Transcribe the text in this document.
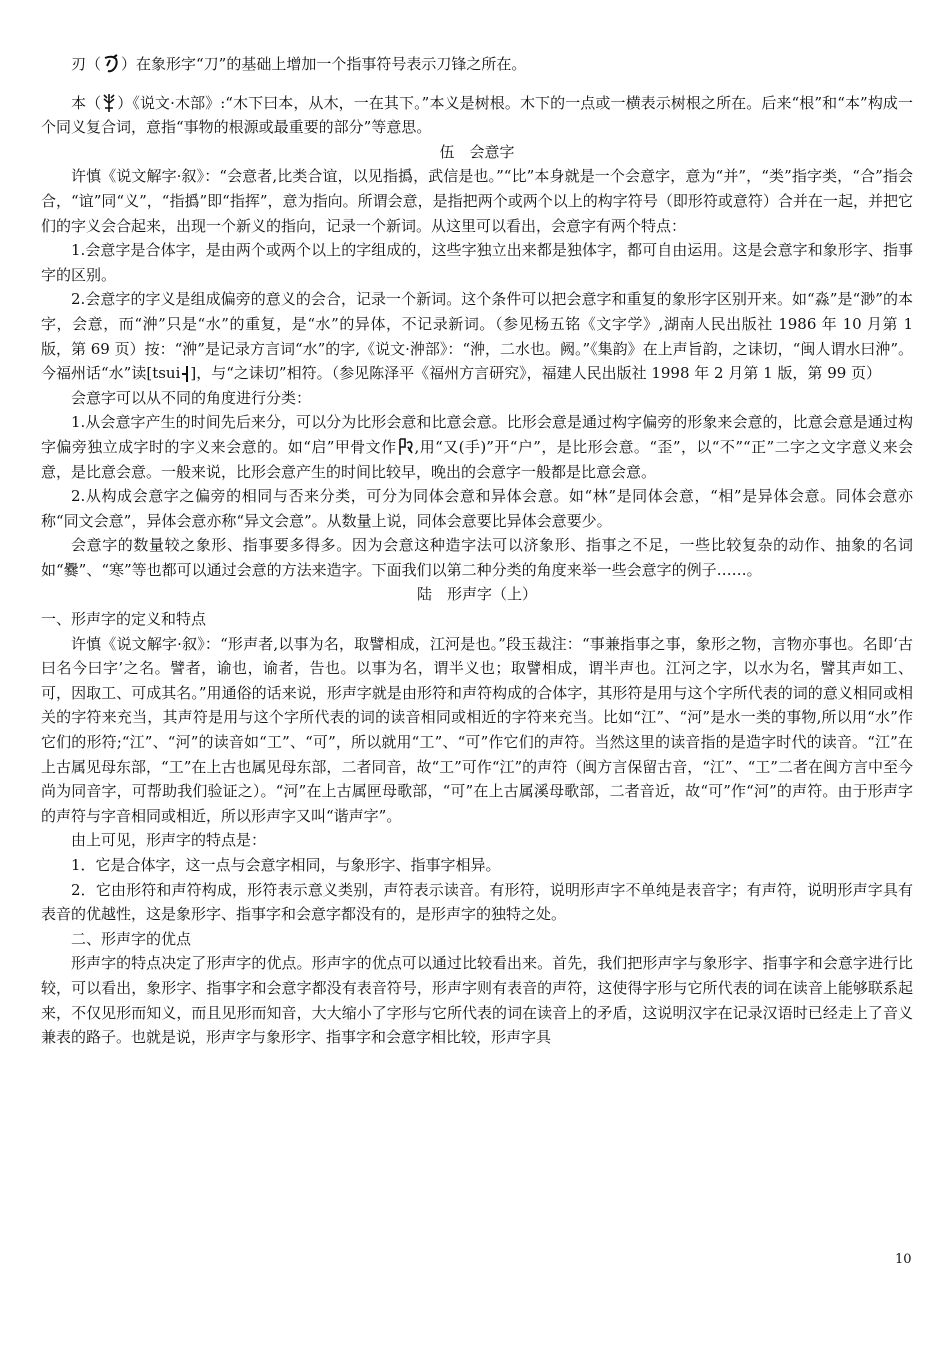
刃（ ）在象形字“刀”的基础上增加一个指事符号表示刀锋之所在。

本（ ）《说文·木部》:“木下曰本，从木，一在其下。”本义是树根。木下的一点或一横表示树根之所在。后来“根”和“本”构成一个同义复合词，意指“事物的根源或最重要的部分”等意思。

伍　会意字

许慎《说文解字·叙》：“会意者,比类合谊，以见指撝，武信是也。”“比”本身就是一个会意字，意为“并”，“类”指字类，“合”指会合，“谊”同“义”，“指撝”即“指挥”，意为指向。所谓会意，是指把两个或两个以上的构字符号（即形符或意符）合并在一起，并把它们的字义会合起来，出现一个新义的指向，记录一个新词。从这里可以看出，会意字有两个特点：

1.会意字是合体字，是由两个或两个以上的字组成的，这些字独立出来都是独体字，都可自由运用。这是会意字和象形字、指事字的区别。

2.会意字的字义是组成偏旁的意义的会合，记录一个新词。这个条件可以把会意字和重复的象形字区别开来。如“淼”是“渺”的本字，会意，而“㳞”只是“水”的重复，是“水”的异体，不记录新词。（参见杨五铭《文字学》,湖南人民出版社 1986 年 10 月第 1 版，第 69 页）按：“㳞”是记录方言词“水”的字,《说文·㳞部》：“㳞，二水也。阙。”《集韵》在上声旨韵，之诔切，“闽人谓水曰㳞”。今福州话“水”读[tsui ]，与“之诔切”相符。（参见陈泽平《福州方言研究》，福建人民出版社 1998 年 2 月第 1 版，第 99 页）

会意字可以从不同的角度进行分类：

1.从会意字产生的时间先后来分，可以分为比形会意和比意会意。比形会意是通过构字偏旁的形象来会意的，比意会意是通过构字偏旁独立成字时的字义来会意的。如“启”甲骨文作 ,用“又(手)”开“户”，是比形会意。“歪”，以“不”“正”二字之文字意义来会意，是比意会意。一般来说，比形会意产生的时间比较早，晚出的会意字一般都是比意会意。

2.从构成会意字之偏旁的相同与否来分类，可分为同体会意和异体会意。如“林”是同体会意，“相”是异体会意。同体会意亦称“同文会意”，异体会意亦称“异文会意”。从数量上说，同体会意要比异体会意要少。

会意字的数量较之象形、指事要多得多。因为会意这种造字法可以济象形、指事之不足，一些比较复杂的动作、抽象的名词如“爨”、“寒”等也都可以通过会意的方法来造字。下面我们以第二种分类的角度来举一些会意字的例子……。

陆　形声字（上）

一、形声字的定义和特点

许慎《说文解字·叙》：“形声者,以事为名，取譬相成，江河是也。”段玉裁注：“事兼指事之事，象形之物，言物亦事也。名即‘古曰名今曰字’之名。譬者，谕也，谕者，告也。以事为名，谓半义也；取譬相成，谓半声也。江河之字，以水为名，譬其声如工、可，因取工、可成其名。”用通俗的话来说，形声字就是由形符和声符构成的合体字，其形符是用与这个字所代表的词的意义相同或相关的字符来充当，其声符是用与这个字所代表的词的读音相同或相近的字符来充当。比如“江”、“河”是水一类的事物,所以用“水”作它们的形符;“江”、“河”的读音如“工”、“可”，所以就用“工”、“可”作它们的声符。当然这里的读音指的是造字时代的读音。“江”在上古属见母东部，“工”在上古也属见母东部，二者同音，故“工”可作“江”的声符（闽方言保留古音，“江”、“工”二者在闽方言中至今尚为同音字，可帮助我们验证之）。“河”在上古属匣母歌部，“可”在上古属溪母歌部，二者音近，故“可”作“河”的声符。由于形声字的声符与字音相同或相近，所以形声字又叫“谐声字”。

由上可见，形声字的特点是：

1．它是合体字，这一点与会意字相同，与象形字、指事字相异。

2．它由形符和声符构成，形符表示意义类别，声符表示读音。有形符，说明形声字不单纯是表音字；有声符，说明形声字具有表音的优越性，这是象形字、指事字和会意字都没有的，是形声字的独特之处。

二、形声字的优点

形声字的特点决定了形声字的优点。形声字的优点可以通过比较看出来。首先，我们把形声字与象形字、指事字和会意字进行比较，可以看出，象形字、指事字和会意字都没有表音符号，形声字则有表音的声符，这使得字形与它所代表的词在读音上能够联系起来，不仅见形而知义，而且见形而知音，大大缩小了字形与它所代表的词在读音上的矛盾，这说明汉字在记录汉语时已经走上了音义兼表的路子。也就是说，形声字与象形字、指事字和会意字相比较，形声字具

10
